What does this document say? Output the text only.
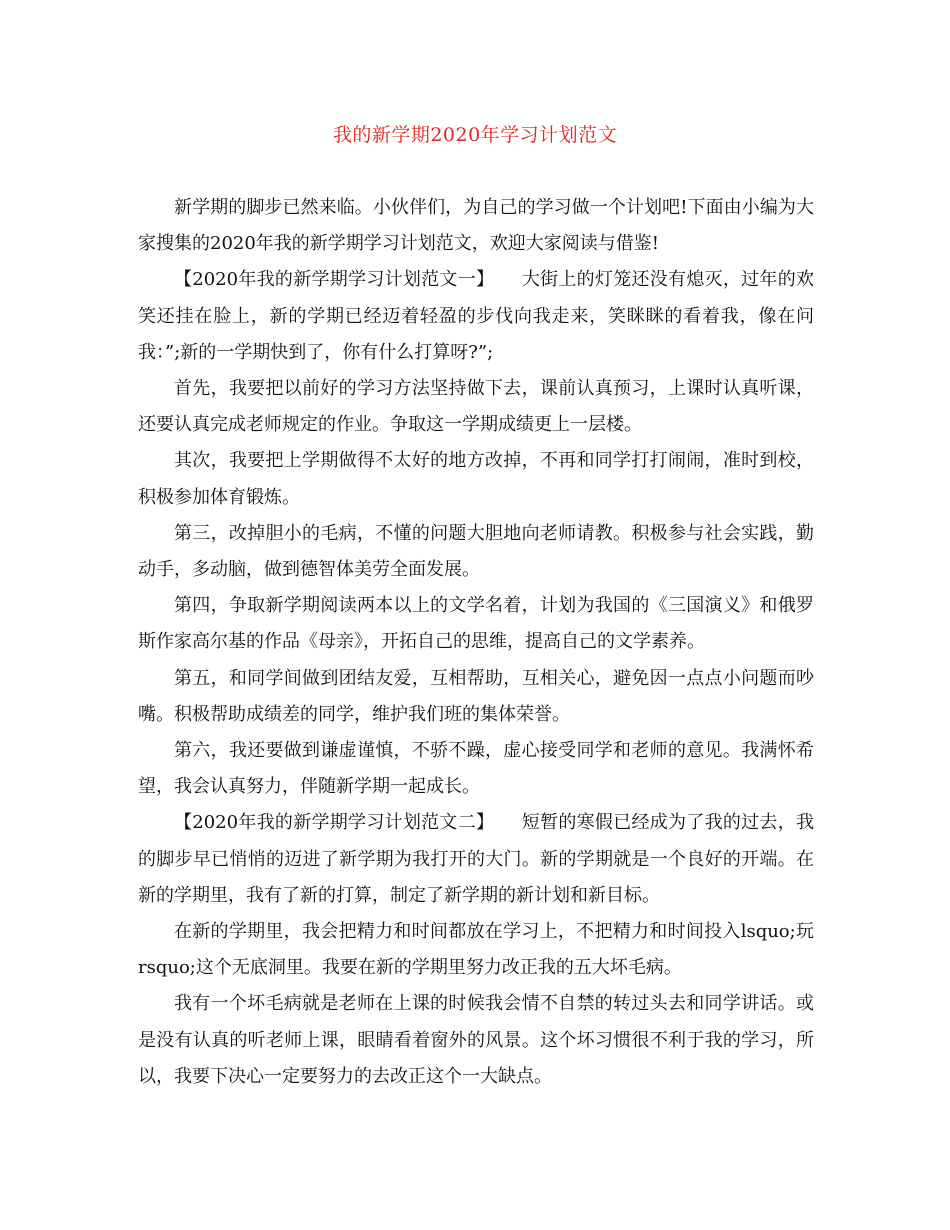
我的新学期2020年学习计划范文

新学期的脚步已然来临。小伙伴们，为自己的学习做一个计划吧!下面由小编为大家搜集的2020年我的新学期学习计划范文，欢迎大家阅读与借鉴!

【2020年我的新学期学习计划范文一】　　大街上的灯笼还没有熄灭，过年的欢笑还挂在脸上，新的学期已经迈着轻盈的步伐向我走来，笑眯眯的看着我，像在问我：”;新的一学期快到了，你有什么打算呀?”;

首先，我要把以前好的学习方法坚持做下去，课前认真预习，上课时认真听课，还要认真完成老师规定的作业。争取这一学期成绩更上一层楼。

其次，我要把上学期做得不太好的地方改掉，不再和同学打打闹闹，准时到校，积极参加体育锻炼。

第三，改掉胆小的毛病，不懂的问题大胆地向老师请教。积极参与社会实践，勤动手，多动脑，做到德智体美劳全面发展。

第四，争取新学期阅读两本以上的文学名着，计划为我国的《三国演义》和俄罗斯作家高尔基的作品《母亲》，开拓自己的思维，提高自己的文学素养。

第五，和同学间做到团结友爱，互相帮助，互相关心，避免因一点点小问题而吵嘴。积极帮助成绩差的同学，维护我们班的集体荣誉。

第六，我还要做到谦虚谨慎，不骄不躁，虚心接受同学和老师的意见。我满怀希望，我会认真努力，伴随新学期一起成长。

【2020年我的新学期学习计划范文二】　　短暂的寒假已经成为了我的过去，我的脚步早已悄悄的迈进了新学期为我打开的大门。新的学期就是一个良好的开端。在新的学期里，我有了新的打算，制定了新学期的新计划和新目标。

在新的学期里，我会把精力和时间都放在学习上，不把精力和时间投入lsquo;玩rsquo;这个无底洞里。我要在新的学期里努力改正我的五大坏毛病。

我有一个坏毛病就是老师在上课的时候我会情不自禁的转过头去和同学讲话。或是没有认真的听老师上课，眼睛看着窗外的风景。这个坏习惯很不利于我的学习，所以，我要下决心一定要努力的去改正这个一大缺点。
